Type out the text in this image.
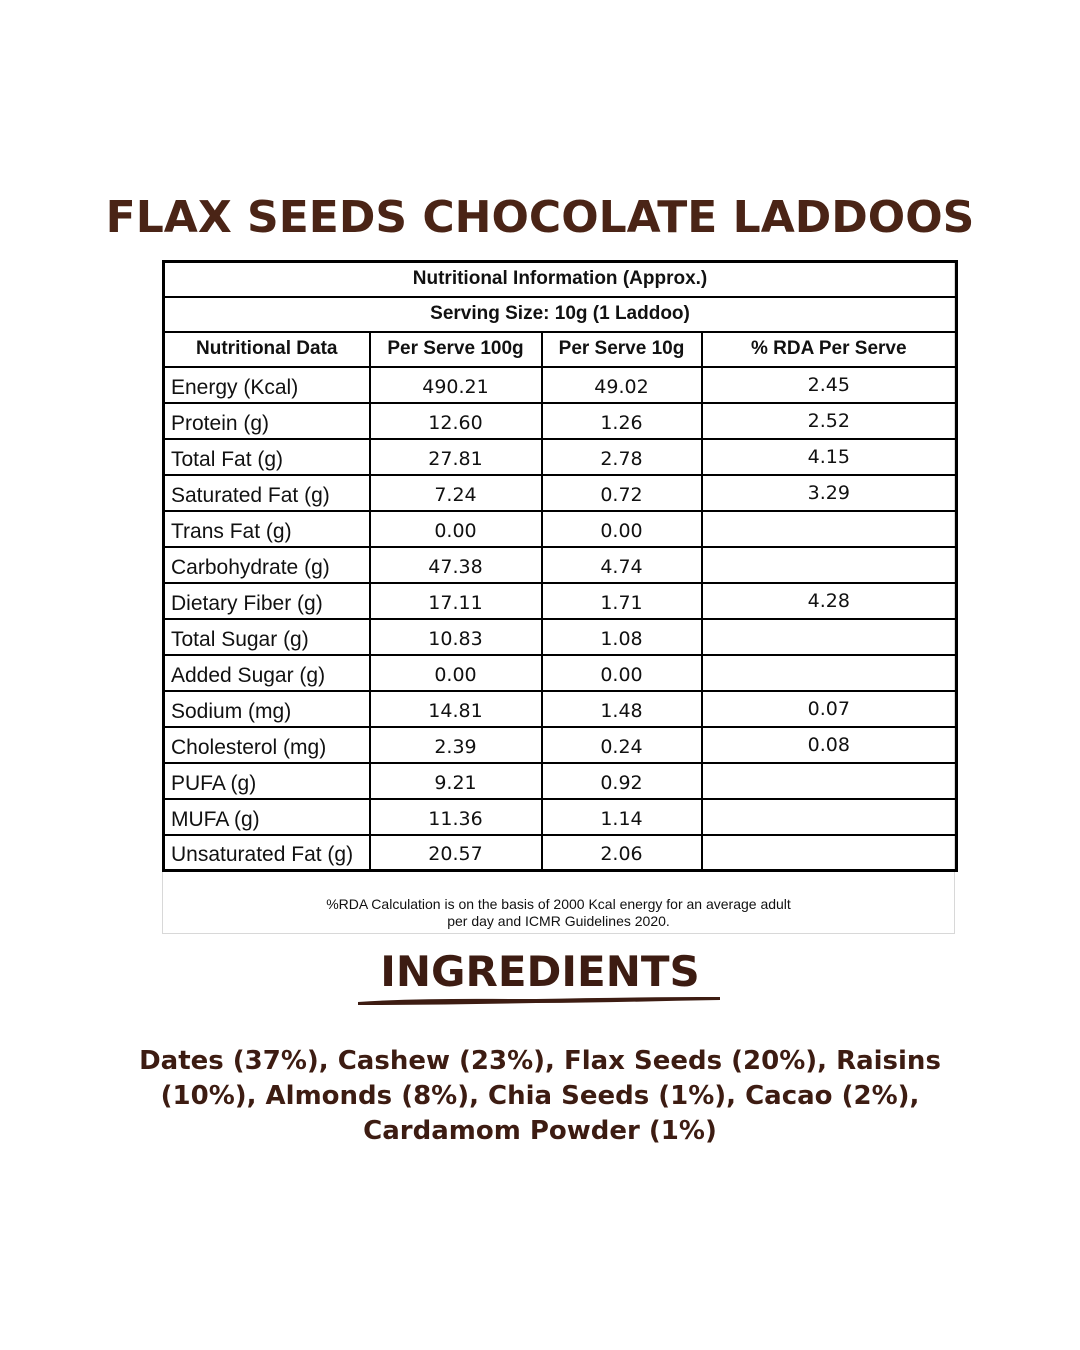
FLAX SEEDS CHOCOLATE LADDOOS
Nutritional Information (Approx.)			
Serving Size: 10g (1 Laddoo)			
Nutritional Data	Per Serve 100g	Per Serve 10g	% RDA Per Serve
Energy (Kcal)	490.21	49.02	2.45
Protein (g)	12.60	1.26	2.52
Total Fat (g)	27.81	2.78	4.15
Saturated Fat (g)	7.24	0.72	3.29
Trans Fat (g)	0.00	0.00	
Carbohydrate (g)	47.38	4.74	
Dietary Fiber (g)	17.11	1.71	4.28
Total Sugar (g)	10.83	1.08	
Added Sugar (g)	0.00	0.00	
Sodium (mg)	14.81	1.48	0.07
Cholesterol (mg)	2.39	0.24	0.08
PUFA (g)	9.21	0.92	
MUFA (g)	11.36	1.14	
Unsaturated Fat (g)	20.57	2.06	
%RDA Calculation is on the basis of 2000 Kcal energy for an average adult
per day and ICMR Guidelines 2020.
INGREDIENTS
Dates (37%), Cashew (23%), Flax Seeds (20%), Raisins
(10%), Almonds (8%), Chia Seeds (1%), Cacao (2%),
Cardamom Powder (1%)
